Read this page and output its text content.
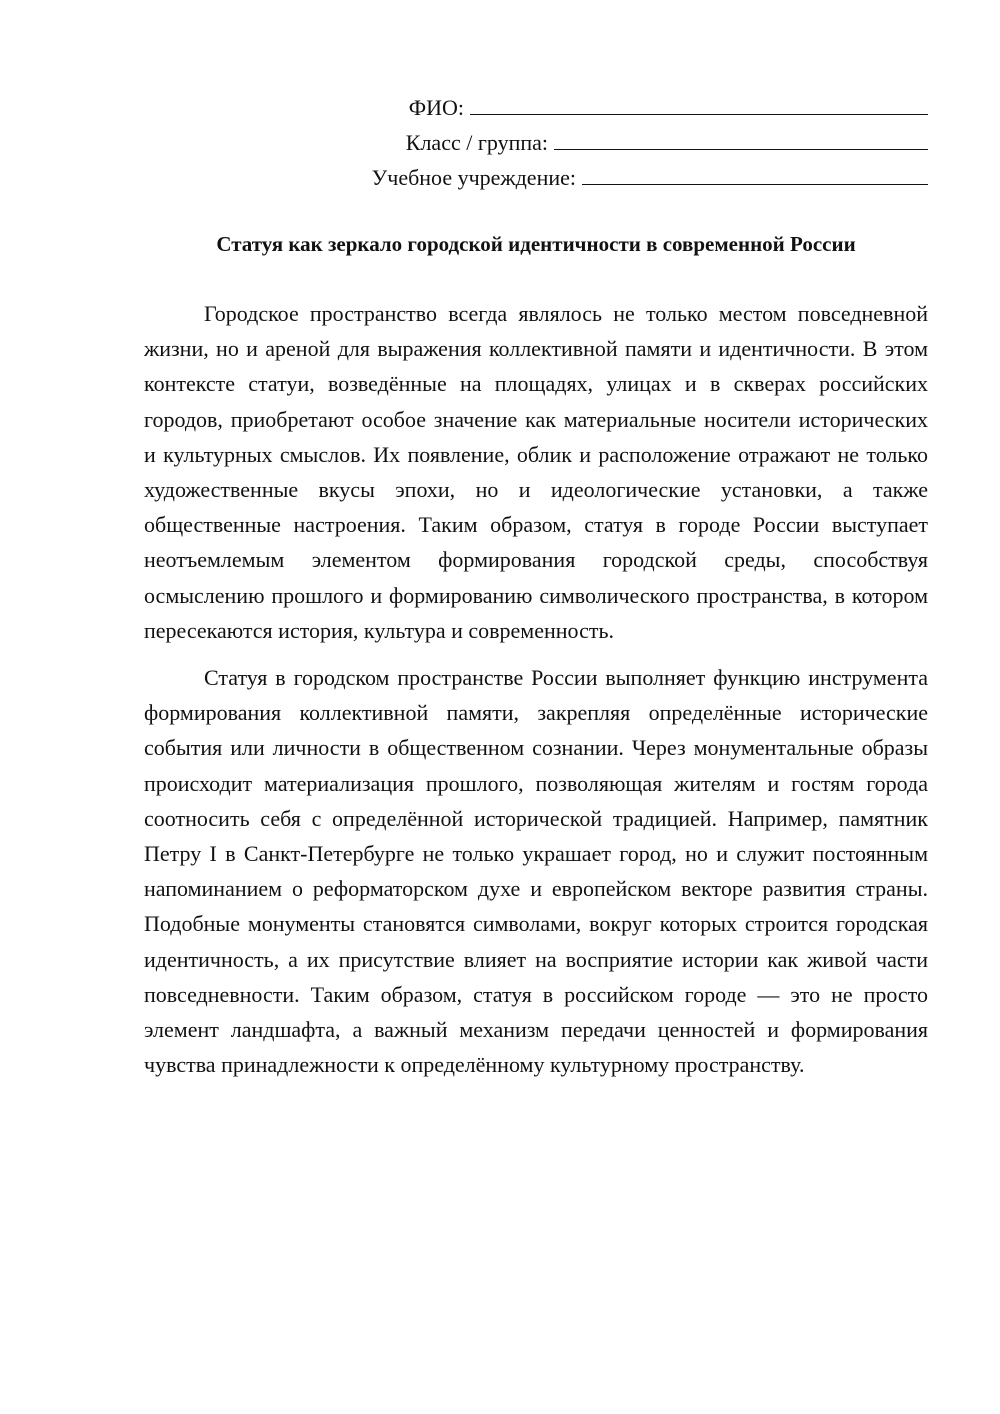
ФИО:
Класс / группа:
Учебное учреждение:
Статуя как зеркало городской идентичности в современной России

Городское пространство всегда являлось не только местом повседневной жизни, но и ареной для выражения коллективной памяти и идентичности. В этом контексте статуи, возведённые на площадях, улицах и в скверах российских городов, приобретают особое значение как материальные носители исторических и культурных смыслов. Их появление, облик и расположение отражают не только художественные вкусы эпохи, но и идеологические установки, а также общественные настроения. Таким образом, статуя в городе России выступает неотъемлемым элементом формирования городской среды, способствуя осмыслению прошлого и формированию символического пространства, в котором пересекаются история, культура и современность.

Статуя в городском пространстве России выполняет функцию инструмента формирования коллективной памяти, закрепляя определённые исторические события или личности в общественном сознании. Через монументальные образы происходит материализация прошлого, позволяющая жителям и гостям города соотносить себя с определённой исторической традицией. Например, памятник Петру I в Санкт-Петербурге не только украшает город, но и служит постоянным напоминанием о реформаторском духе и европейском векторе развития страны. Подобные монументы становятся символами, вокруг которых строится городская идентичность, а их присутствие влияет на восприятие истории как живой части повседневности. Таким образом, статуя в российском городе — это не просто элемент ландшафта, а важный механизм передачи ценностей и формирования чувства принадлежности к определённому культурному пространству.
